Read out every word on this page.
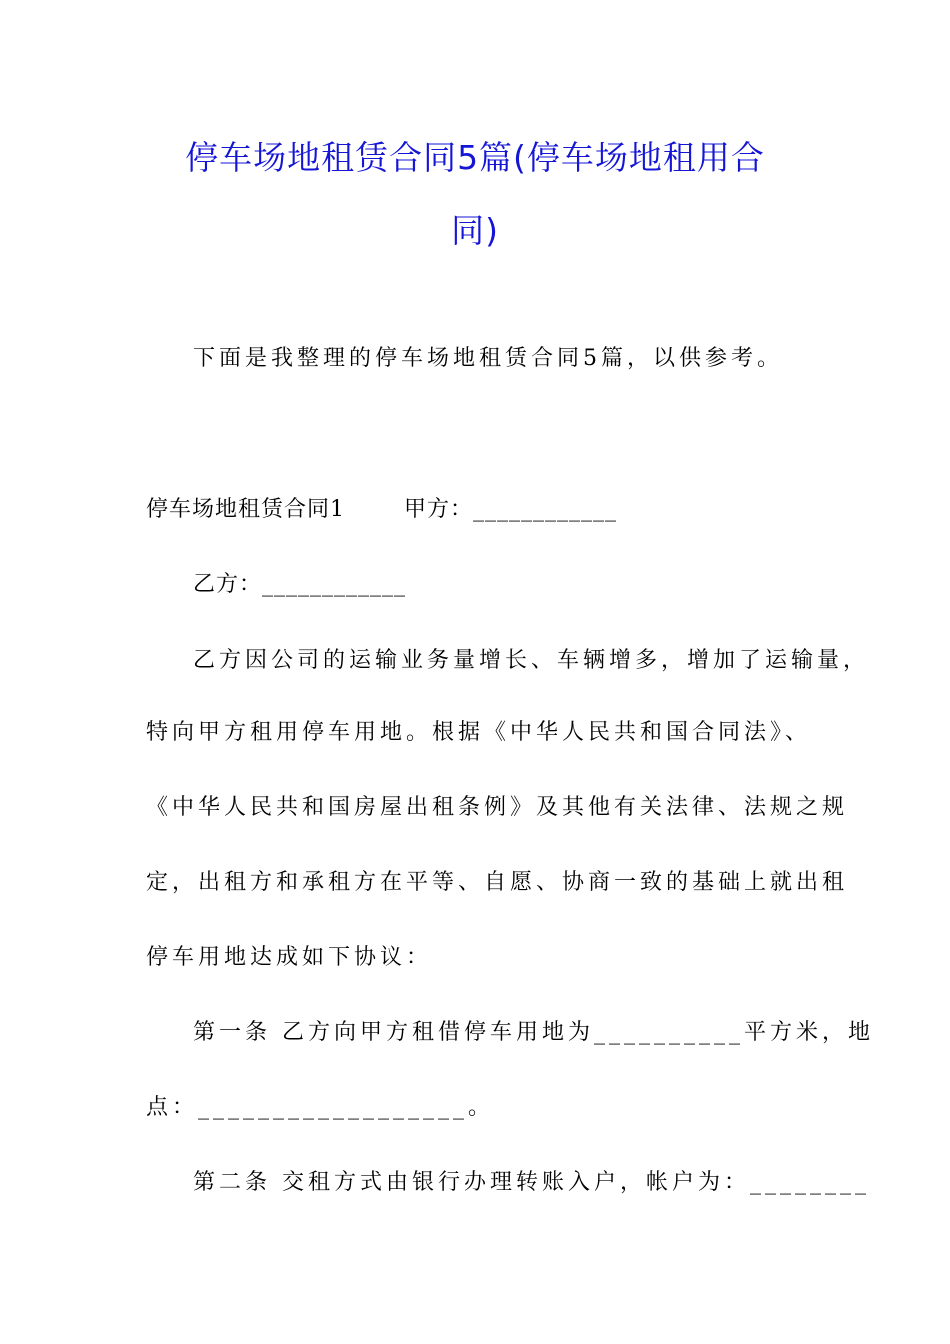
停车场地租赁合同5篇(停车场地租用合
同)

下面是我整理的停车场地租赁合同5篇，以供参考。

停车场地租赁合同1	甲方：____________

乙方：____________

乙方因公司的运输业务量增长、车辆增多，增加了运输量，

特向甲方租用停车用地。根据《中华人民共和国合同法》、

《中华人民共和国房屋出租条例》及其他有关法律、法规之规

定，出租方和承租方在平等、自愿、协商一致的基础上就出租

停车用地达成如下协议：

第一条 乙方向甲方租借停车用地为__________平方米，地

点：__________________。

第二条 交租方式由银行办理转账入户，帐户为：________
